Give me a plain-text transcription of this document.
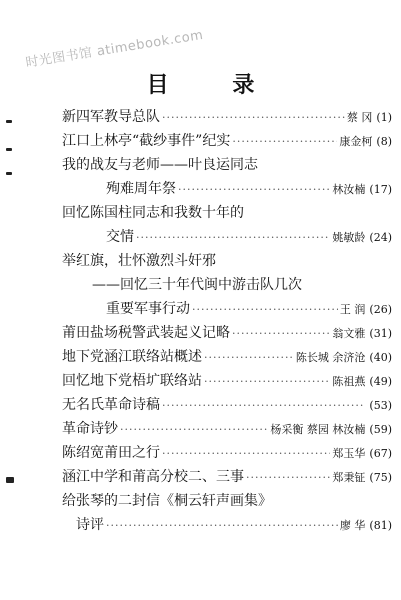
时光图书馆 atimebook.com
目 录
新四军教导总队 ·····	蔡 冈 (1)
江口上林亭“截纱事件”纪实 ·····	康金柯 (8)
我的战友与老师——叶良运同志
殉难周年祭 ·····	林汝楠 (17)
回忆陈国柱同志和我数十年的
交情 ·····	姚敏龄 (24)
举红旗，壮怀激烈斗奸邪
——回忆三十年代闽中游击队几次
重要军事行动 ·····	王 润 (26)
莆田盐场税警武装起义记略 ·····	翁文雅 (31)
地下党涵江联络站概述 ·····	陈长城 余济沧 (40)
回忆地下党梧圹联络站 ·····	陈祖燕 (49)
无名氏革命诗稿 ·····	(53)
革命诗钞 ·····	杨采衡 蔡园 林汝楠 (59)
陈绍宽莆田之行 ·····	郑玉华 (67)
涵江中学和莆高分校二、三事 ·····	郑秉钲 (75)
给张琴的二封信《桐云轩声画集》
诗评 ·····	廖 华 (81)
